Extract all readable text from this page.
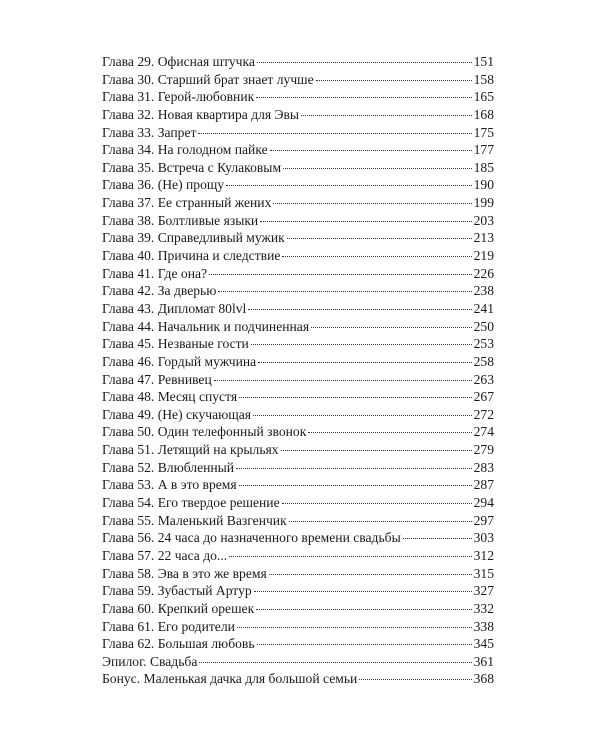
Глава 29. Офисная штучка	151
Глава 30. Старший брат знает лучше	158
Глава 31. Герой-любовник	165
Глава 32. Новая квартира для Эвы	168
Глава 33. Запрет	175
Глава 34. На голодном пайке	177
Глава 35. Встреча с Кулаковым	185
Глава 36. (Не) прощу	190
Глава 37. Ее странный жених	199
Глава 38. Болтливые языки	203
Глава 39. Справедливый мужик	213
Глава 40. Причина и следствие	219
Глава 41. Где она?	226
Глава 42. За дверью	238
Глава 43. Дипломат 80lvl	241
Глава 44. Начальник и подчиненная	250
Глава 45. Незваные гости	253
Глава 46. Гордый мужчина	258
Глава 47. Ревнивец	263
Глава 48. Месяц спустя	267
Глава 49. (Не) скучающая	272
Глава 50. Один телефонный звонок	274
Глава 51. Летящий на крыльях	279
Глава 52. Влюбленный	283
Глава 53. А в это время	287
Глава 54. Его твердое решение	294
Глава 55. Маленький Вазгенчик	297
Глава 56. 24 часа до назначенного времени свадьбы	303
Глава 57. 22 часа до...	312
Глава 58. Эва в это же время	315
Глава 59. Зубастый Артур	327
Глава 60. Крепкий орешек	332
Глава 61. Его родители	338
Глава 62. Большая любовь	345
Эпилог. Свадьба	361
Бонус. Маленькая дачка для большой семьи	368
